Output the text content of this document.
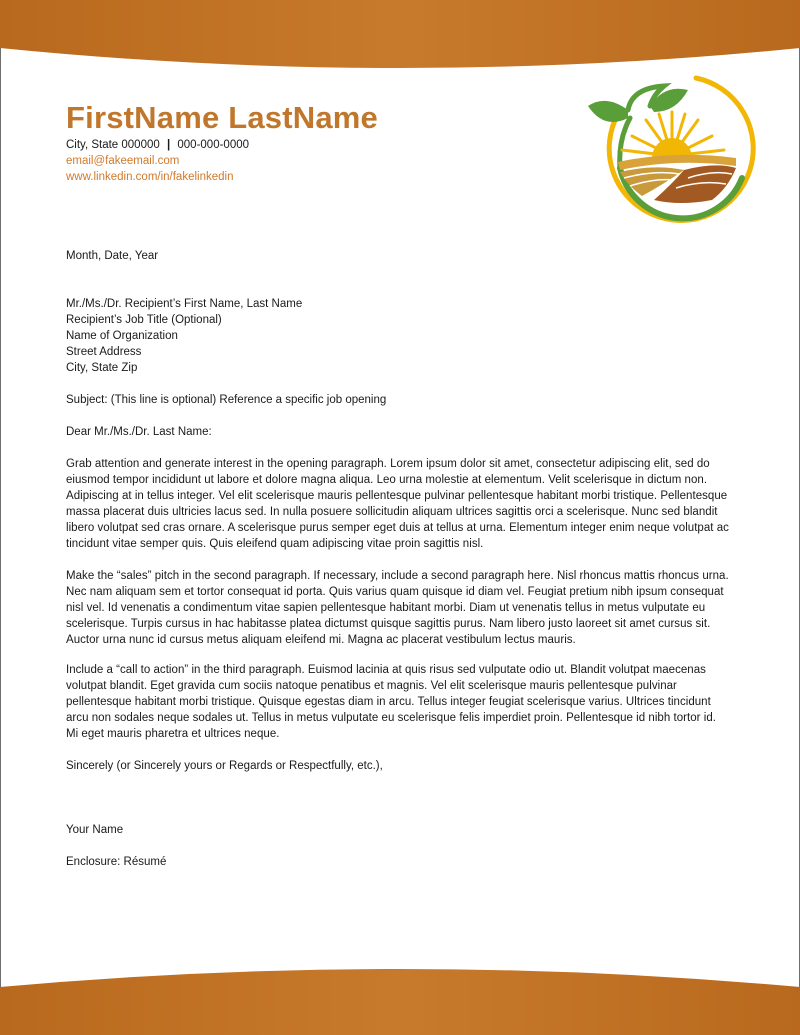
FirstName LastName
City, State 000000 | 000-000-0000
email@fakeemail.com
www.linkedin.com/in/fakelinkedin
Month, Date, Year
Mr./Ms./Dr. Recipient’s First Name, Last Name
Recipient’s Job Title (Optional)
Name of Organization
Street Address
City, State Zip
Subject: (This line is optional) Reference a specific job opening
Dear Mr./Ms./Dr. Last Name:
Grab attention and generate interest in the opening paragraph. Lorem ipsum dolor sit amet, consectetur adipiscing elit, sed do eiusmod tempor incididunt ut labore et dolore magna aliqua. Leo urna molestie at elementum. Velit scelerisque in dictum non. Adipiscing at in tellus integer. Vel elit scelerisque mauris pellentesque pulvinar pellentesque habitant morbi tristique. Pellentesque massa placerat duis ultricies lacus sed. In nulla posuere sollicitudin aliquam ultrices sagittis orci a scelerisque. Nunc sed blandit libero volutpat sed cras ornare. A scelerisque purus semper eget duis at tellus at urna. Elementum integer enim neque volutpat ac tincidunt vitae semper quis. Quis eleifend quam adipiscing vitae proin sagittis nisl.
Make the “sales” pitch in the second paragraph. If necessary, include a second paragraph here. Nisl rhoncus mattis rhoncus urna. Nec nam aliquam sem et tortor consequat id porta. Quis varius quam quisque id diam vel. Feugiat pretium nibh ipsum consequat nisl vel. Id venenatis a condimentum vitae sapien pellentesque habitant morbi. Diam ut venenatis tellus in metus vulputate eu scelerisque. Turpis cursus in hac habitasse platea dictumst quisque sagittis purus. Nam libero justo laoreet sit amet cursus sit. Auctor urna nunc id cursus metus aliquam eleifend mi. Magna ac placerat vestibulum lectus mauris.
Include a “call to action” in the third paragraph. Euismod lacinia at quis risus sed vulputate odio ut. Blandit volutpat maecenas volutpat blandit. Eget gravida cum sociis natoque penatibus et magnis. Vel elit scelerisque mauris pellentesque pulvinar pellentesque habitant morbi tristique. Quisque egestas diam in arcu. Tellus integer feugiat scelerisque varius. Ultrices tincidunt arcu non sodales neque sodales ut. Tellus in metus vulputate eu scelerisque felis imperdiet proin. Pellentesque id nibh tortor id. Mi eget mauris pharetra et ultrices neque.
Sincerely (or Sincerely yours or Regards or Respectfully, etc.),
Your Name
Enclosure: Résumé
